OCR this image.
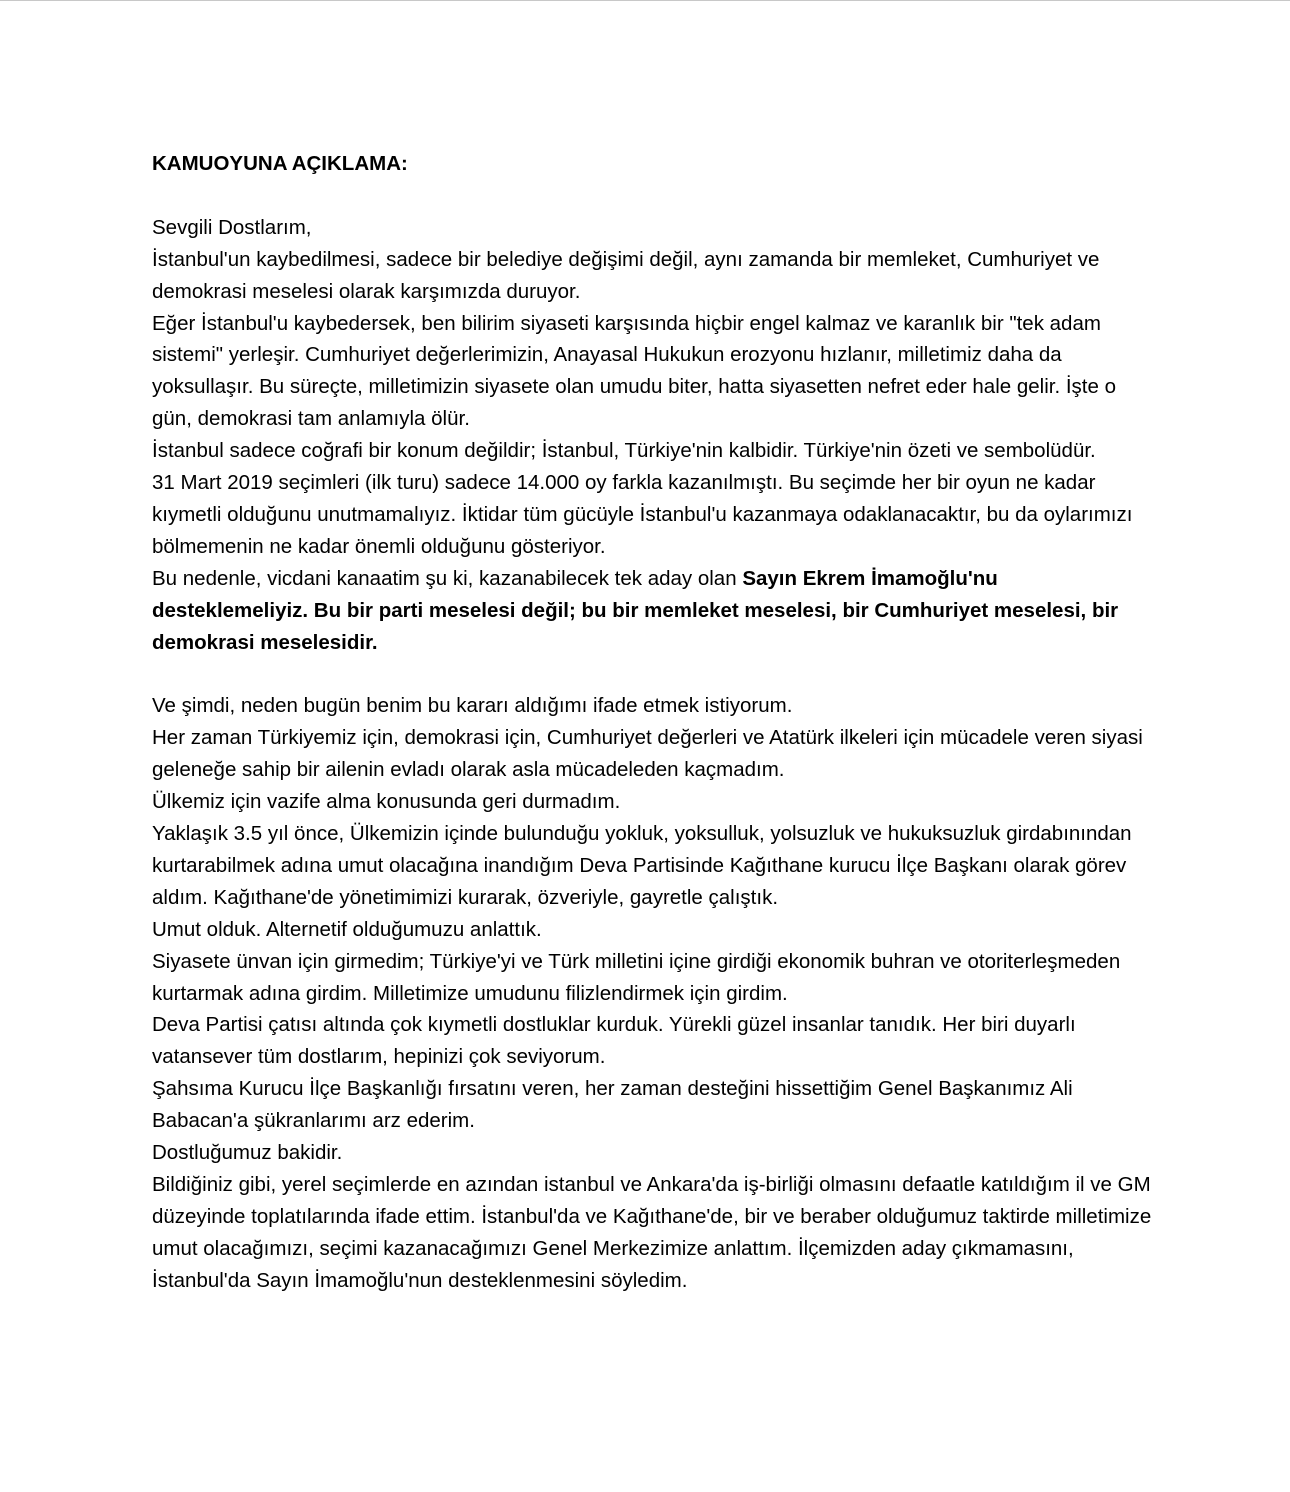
KAMUOYUNA AÇIKLAMA:

Sevgili Dostlarım,

İstanbul'un kaybedilmesi, sadece bir belediye değişimi değil, aynı zamanda bir memleket, Cumhuriyet ve demokrasi meselesi olarak karşımızda duruyor.

Eğer İstanbul'u kaybedersek, ben bilirim siyaseti karşısında hiçbir engel kalmaz ve karanlık bir "tek adam sistemi" yerleşir. Cumhuriyet değerlerimizin, Anayasal Hukukun erozyonu hızlanır, milletimiz daha da yoksullaşır. Bu süreçte, milletimizin siyasete olan umudu biter, hatta siyasetten nefret eder hale gelir. İşte o gün, demokrasi tam anlamıyla ölür.

İstanbul sadece coğrafi bir konum değildir; İstanbul, Türkiye'nin kalbidir. Türkiye'nin özeti ve sembolüdür.

31 Mart 2019 seçimleri (ilk turu) sadece 14.000 oy farkla kazanılmıştı. Bu seçimde her bir oyun ne kadar kıymetli olduğunu unutmamalıyız. İktidar tüm gücüyle İstanbul'u kazanmaya odaklanacaktır, bu da oylarımızı bölmemenin ne kadar önemli olduğunu gösteriyor.

Bu nedenle, vicdani kanaatim şu ki, kazanabilecek tek aday olan Sayın Ekrem İmamoğlu'nu desteklemeliyiz. Bu bir parti meselesi değil; bu bir memleket meselesi, bir Cumhuriyet meselesi, bir demokrasi meselesidir.

Ve şimdi, neden bugün benim bu kararı aldığımı ifade etmek istiyorum.

Her zaman Türkiyemiz için, demokrasi için, Cumhuriyet değerleri ve Atatürk ilkeleri için mücadele veren siyasi geleneğe sahip bir ailenin evladı olarak asla mücadeleden kaçmadım.

Ülkemiz için vazife alma konusunda geri durmadım.

Yaklaşık 3.5 yıl önce, Ülkemizin içinde bulunduğu yokluk, yoksulluk, yolsuzluk ve hukuksuzluk girdabınından kurtarabilmek adına umut olacağına inandığım Deva Partisinde Kağıthane kurucu İlçe Başkanı olarak görev aldım. Kağıthane'de yönetimimizi kurarak, özveriyle, gayretle çalıştık.

Umut olduk. Alternetif olduğumuzu anlattık.

Siyasete ünvan için girmedim; Türkiye'yi ve Türk milletini içine girdiği ekonomik buhran ve otoriterleşmeden kurtarmak adına girdim. Milletimize umudunu filizlendirmek için girdim.

Deva Partisi çatısı altında çok kıymetli dostluklar kurduk. Yürekli güzel insanlar tanıdık. Her biri duyarlı vatansever tüm dostlarım, hepinizi çok seviyorum.

Şahsıma Kurucu İlçe Başkanlığı fırsatını veren, her zaman desteğini hissettiğim Genel Başkanımız Ali Babacan'a şükranlarımı arz ederim.

Dostluğumuz bakidir.

Bildiğiniz gibi, yerel seçimlerde en azından istanbul ve Ankara'da iş-birliği olmasını defaatle katıldığım il ve GM düzeyinde toplatılarında ifade ettim. İstanbul'da ve Kağıthane'de, bir ve beraber olduğumuz taktirde milletimize umut olacağımızı, seçimi kazanacağımızı Genel Merkezimize anlattım. İlçemizden aday çıkmamasını, İstanbul'da Sayın İmamoğlu'nun desteklenmesini söyledim.
